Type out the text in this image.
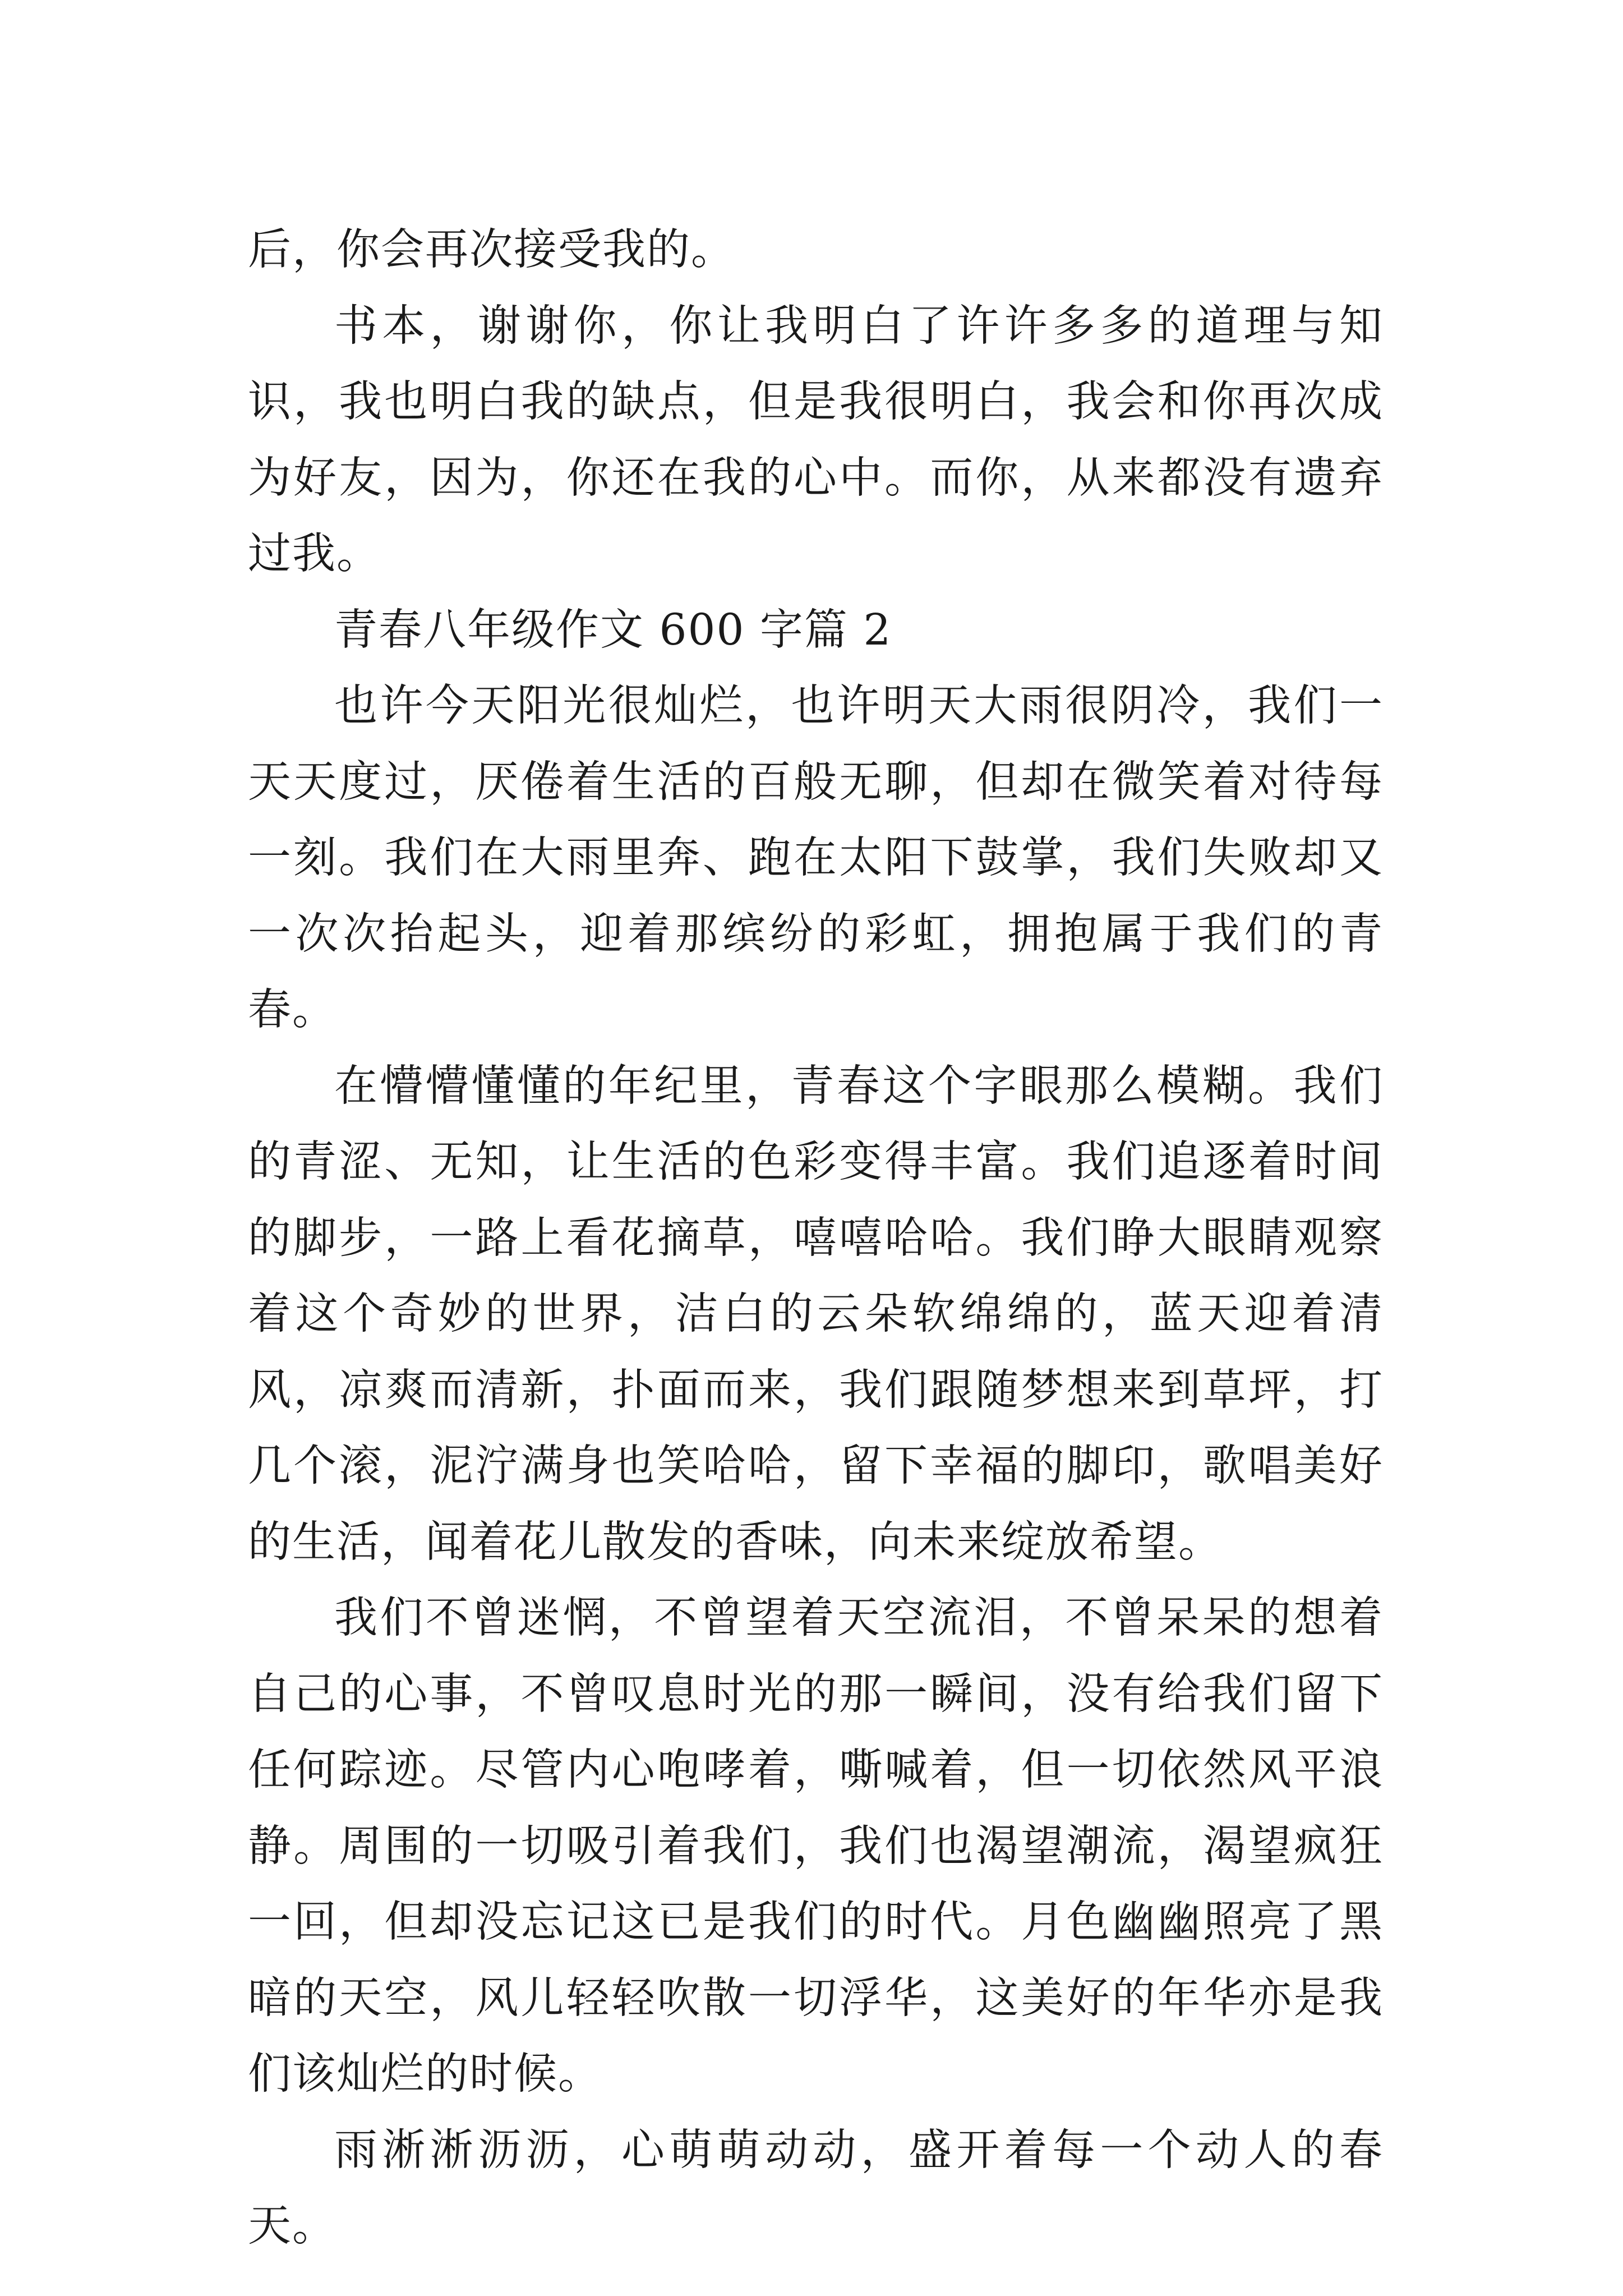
后，你会再次接受我的。

书本，谢谢你，你让我明白了许许多多的道理与知识，我也明白我的缺点，但是我很明白，我会和你再次成为好友，因为，你还在我的心中。而你，从来都没有遗弃过我。

青春八年级作文 600 字篇 2

也许今天阳光很灿烂，也许明天大雨很阴冷，我们一天天度过，厌倦着生活的百般无聊，但却在微笑着对待每一刻。我们在大雨里奔、跑在太阳下鼓掌，我们失败却又一次次抬起头，迎着那缤纷的彩虹，拥抱属于我们的青春。

在懵懵懂懂的年纪里，青春这个字眼那么模糊。我们的青涩、无知，让生活的色彩变得丰富。我们追逐着时间的脚步，一路上看花摘草，嘻嘻哈哈。我们睁大眼睛观察着这个奇妙的世界，洁白的云朵软绵绵的，蓝天迎着清风，凉爽而清新，扑面而来，我们跟随梦想来到草坪，打几个滚，泥泞满身也笑哈哈，留下幸福的脚印，歌唱美好的生活，闻着花儿散发的香味，向未来绽放希望。

我们不曾迷惘，不曾望着天空流泪，不曾呆呆的想着自己的心事，不曾叹息时光的那一瞬间，没有给我们留下任何踪迹。尽管内心咆哮着，嘶喊着，但一切依然风平浪静。周围的一切吸引着我们，我们也渴望潮流，渴望疯狂一回，但却没忘记这已是我们的时代。月色幽幽照亮了黑暗的天空，风儿轻轻吹散一切浮华，这美好的年华亦是我们该灿烂的时候。

雨淅淅沥沥，心萌萌动动，盛开着每一个动人的春天。
